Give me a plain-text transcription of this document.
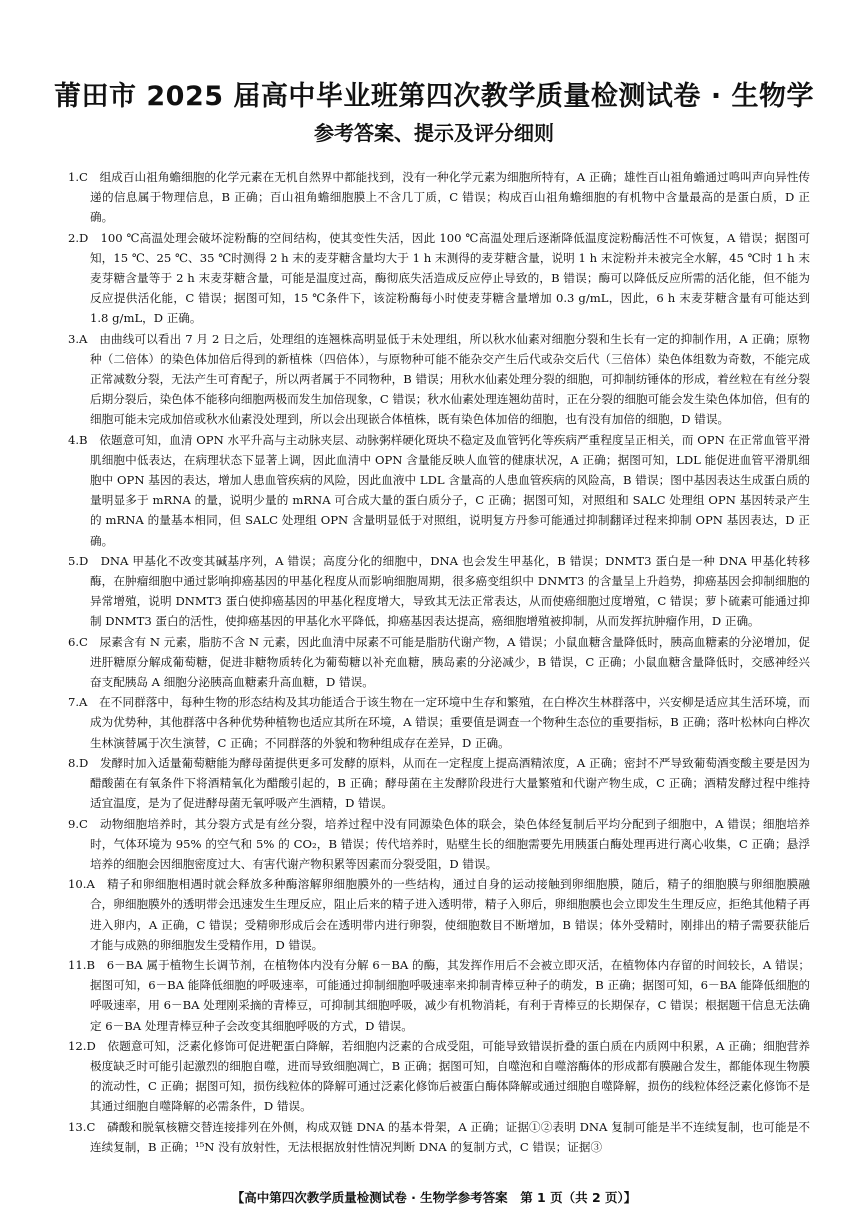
莆田市 2025 届高中毕业班第四次教学质量检测试卷 · 生物学
参考答案、提示及评分细则

1.C　 组成百山祖角蟾细胞的化学元素在无机自然界中都能找到，没有一种化学元素为细胞所特有，A 正确；雄性百山祖角蟾通过鸣叫声向异性传递的信息属于物理信息，B 正确；百山祖角蟾细胞膜上不含几丁质，C 错误；构成百山祖角蟾细胞的有机物中含量最高的是蛋白质，D 正确。

2.D　 100 ℃高温处理会破坏淀粉酶的空间结构，使其变性失活，因此 100 ℃高温处理后逐渐降低温度淀粉酶活性不可恢复，A 错误；据图可知，15 ℃、25 ℃、35 ℃时测得 2 h 末的麦芽糖含量均大于 1 h 末测得的麦芽糖含量，说明 1 h 末淀粉并未被完全水解，45 ℃时 1 h 末麦芽糖含量等于 2 h 末麦芽糖含量，可能是温度过高，酶彻底失活造成反应停止导致的，B 错误；酶可以降低反应所需的活化能，但不能为反应提供活化能，C 错误；据图可知，15 ℃条件下，该淀粉酶每小时使麦芽糖含量增加 0.3 g/mL，因此，6 h 末麦芽糖含量有可能达到 1.8 g/mL，D 正确。

3.A　 由曲线可以看出 7 月 2 日之后，处理组的连翘株高明显低于未处理组，所以秋水仙素对细胞分裂和生长有一定的抑制作用，A 正确；原物种（二倍体）的染色体加倍后得到的新植株（四倍体），与原物种可能不能杂交产生后代或杂交后代（三倍体）染色体组数为奇数，不能完成正常减数分裂，无法产生可育配子，所以两者属于不同物种，B 错误；用秋水仙素处理分裂的细胞，可抑制纺锤体的形成，着丝粒在有丝分裂后期分裂后，染色体不能移向细胞两极而发生加倍现象，C 错误；秋水仙素处理连翘幼苗时，正在分裂的细胞可能会发生染色体加倍，但有的细胞可能未完成加倍或秋水仙素没处理到，所以会出现嵌合体植株，既有染色体加倍的细胞，也有没有加倍的细胞，D 错误。

4.B　 依题意可知，血清 OPN 水平升高与主动脉夹层、动脉粥样硬化斑块不稳定及血管钙化等疾病严重程度呈正相关，而 OPN 在正常血管平滑肌细胞中低表达，在病理状态下显著上调，因此血清中 OPN 含量能反映人血管的健康状况，A 正确；据图可知，LDL 能促进血管平滑肌细胞中 OPN 基因的表达，增加人患血管疾病的风险，因此血液中 LDL 含量高的人患血管疾病的风险高，B 错误；图中基因表达生成蛋白质的量明显多于 mRNA 的量，说明少量的 mRNA 可合成大量的蛋白质分子，C 正确；据图可知，对照组和 SALC 处理组 OPN 基因转录产生的 mRNA 的量基本相同，但 SALC 处理组 OPN 含量明显低于对照组，说明复方丹参可能通过抑制翻译过程来抑制 OPN 基因表达，D 正确。

5.D　 DNA 甲基化不改变其碱基序列，A 错误；高度分化的细胞中，DNA 也会发生甲基化，B 错误；DNMT3 蛋白是一种 DNA 甲基化转移酶，在肿瘤细胞中通过影响抑癌基因的甲基化程度从而影响细胞周期，很多癌变组织中 DNMT3 的含量呈上升趋势，抑癌基因会抑制细胞的异常增殖，说明 DNMT3 蛋白使抑癌基因的甲基化程度增大，导致其无法正常表达，从而使癌细胞过度增殖，C 错误；萝卜硫素可能通过抑制 DNMT3 蛋白的活性，使抑癌基因的甲基化水平降低，抑癌基因表达提高，癌细胞增殖被抑制，从而发挥抗肿瘤作用，D 正确。

6.C　 尿素含有 N 元素，脂肪不含 N 元素，因此血清中尿素不可能是脂肪代谢产物，A 错误；小鼠血糖含量降低时，胰高血糖素的分泌增加，促进肝糖原分解成葡萄糖，促进非糖物质转化为葡萄糖以补充血糖，胰岛素的分泌减少，B 错误，C 正确；小鼠血糖含量降低时，交感神经兴奋支配胰岛 A 细胞分泌胰高血糖素升高血糖，D 错误。

7.A　 在不同群落中，每种生物的形态结构及其功能适合于该生物在一定环境中生存和繁殖，在白桦次生林群落中，兴安柳是适应其生活环境，而成为优势种，其他群落中各种优势种植物也适应其所在环境，A 错误；重要值是调查一个物种生态位的重要指标，B 正确；落叶松林向白桦次生林演替属于次生演替，C 正确；不同群落的外貌和物种组成存在差异，D 正确。

8.D　 发酵时加入适量葡萄糖能为酵母菌提供更多可发酵的原料，从而在一定程度上提高酒精浓度，A 正确；密封不严导致葡萄酒变酸主要是因为醋酸菌在有氧条件下将酒精氧化为醋酸引起的，B 正确；酵母菌在主发酵阶段进行大量繁殖和代谢产物生成，C 正确；酒精发酵过程中维持适宜温度，是为了促进酵母菌无氧呼吸产生酒精，D 错误。

9.C　 动物细胞培养时，其分裂方式是有丝分裂，培养过程中没有同源染色体的联会，染色体经复制后平均分配到子细胞中，A 错误；细胞培养时，气体环境为 95% 的空气和 5% 的 CO₂，B 错误；传代培养时，贴壁生长的细胞需要先用胰蛋白酶处理再进行离心收集，C 正确；悬浮培养的细胞会因细胞密度过大、有害代谢产物积累等因素而分裂受阻，D 错误。

10.A　 精子和卵细胞相遇时就会释放多种酶溶解卵细胞膜外的一些结构，通过自身的运动接触到卵细胞膜，随后，精子的细胞膜与卵细胞膜融合，卵细胞膜外的透明带会迅速发生生理反应，阻止后来的精子进入透明带，精子入卵后，卵细胞膜也会立即发生生理反应，拒绝其他精子再进入卵内，A 正确，C 错误；受精卵形成后会在透明带内进行卵裂，使细胞数目不断增加，B 错误；体外受精时，刚排出的精子需要获能后才能与成熟的卵细胞发生受精作用，D 错误。

11.B　 6－BA 属于植物生长调节剂，在植物体内没有分解 6－BA 的酶，其发挥作用后不会被立即灭活，在植物体内存留的时间较长，A 错误；据图可知，6－BA 能降低细胞的呼吸速率，可能通过抑制细胞呼吸速率来抑制青棒豆种子的萌发，B 正确；据图可知，6－BA 能降低细胞的呼吸速率，用 6－BA 处理刚采摘的青棒豆，可抑制其细胞呼吸，减少有机物消耗，有利于青棒豆的长期保存，C 错误；根据题干信息无法确定 6－BA 处理青棒豆种子会改变其细胞呼吸的方式，D 错误。

12.D　 依题意可知，泛素化修饰可促进靶蛋白降解，若细胞内泛素的合成受阻，可能导致错误折叠的蛋白质在内质网中积累，A 正确；细胞营养极度缺乏时可能引起激烈的细胞自噬，进而导致细胞凋亡，B 正确；据图可知，自噬泡和自噬溶酶体的形成都有膜融合发生，都能体现生物膜的流动性，C 正确；据图可知，损伤线粒体的降解可通过泛素化修饰后被蛋白酶体降解或通过细胞自噬降解，损伤的线粒体经泛素化修饰不是其通过细胞自噬降解的必需条件，D 错误。

13.C　 磷酸和脱氧核糖交替连接排列在外侧，构成双链 DNA 的基本骨架，A 正确；证据①②表明 DNA 复制可能是半不连续复制，也可能是不连续复制，B 正确；¹⁵N 没有放射性，无法根据放射性情况判断 DNA 的复制方式，C 错误；证据③

【高中第四次教学质量检测试卷 · 生物学参考答案　第 1 页（共 2 页）】
